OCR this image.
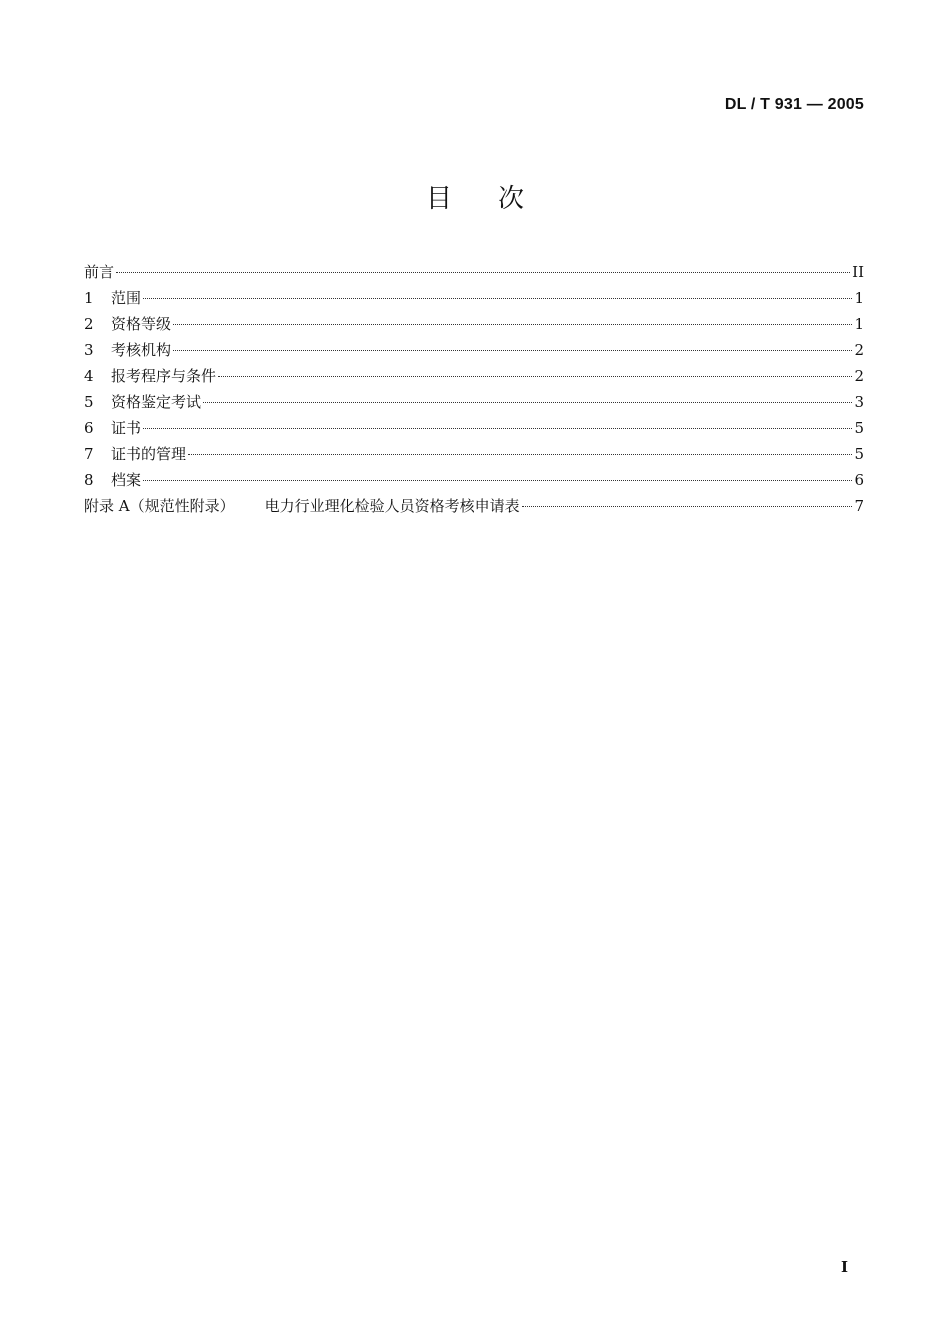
DL / T 931 — 2005
目 次
前言	II
1	范围	1
2	资格等级	1
3	考核机构	2
4	报考程序与条件	2
5	资格鉴定考试	3
6	证书	5
7	证书的管理	5
8	档案	6
附录 A（规范性附录） 电力行业理化检验人员资格考核申请表	7
I
